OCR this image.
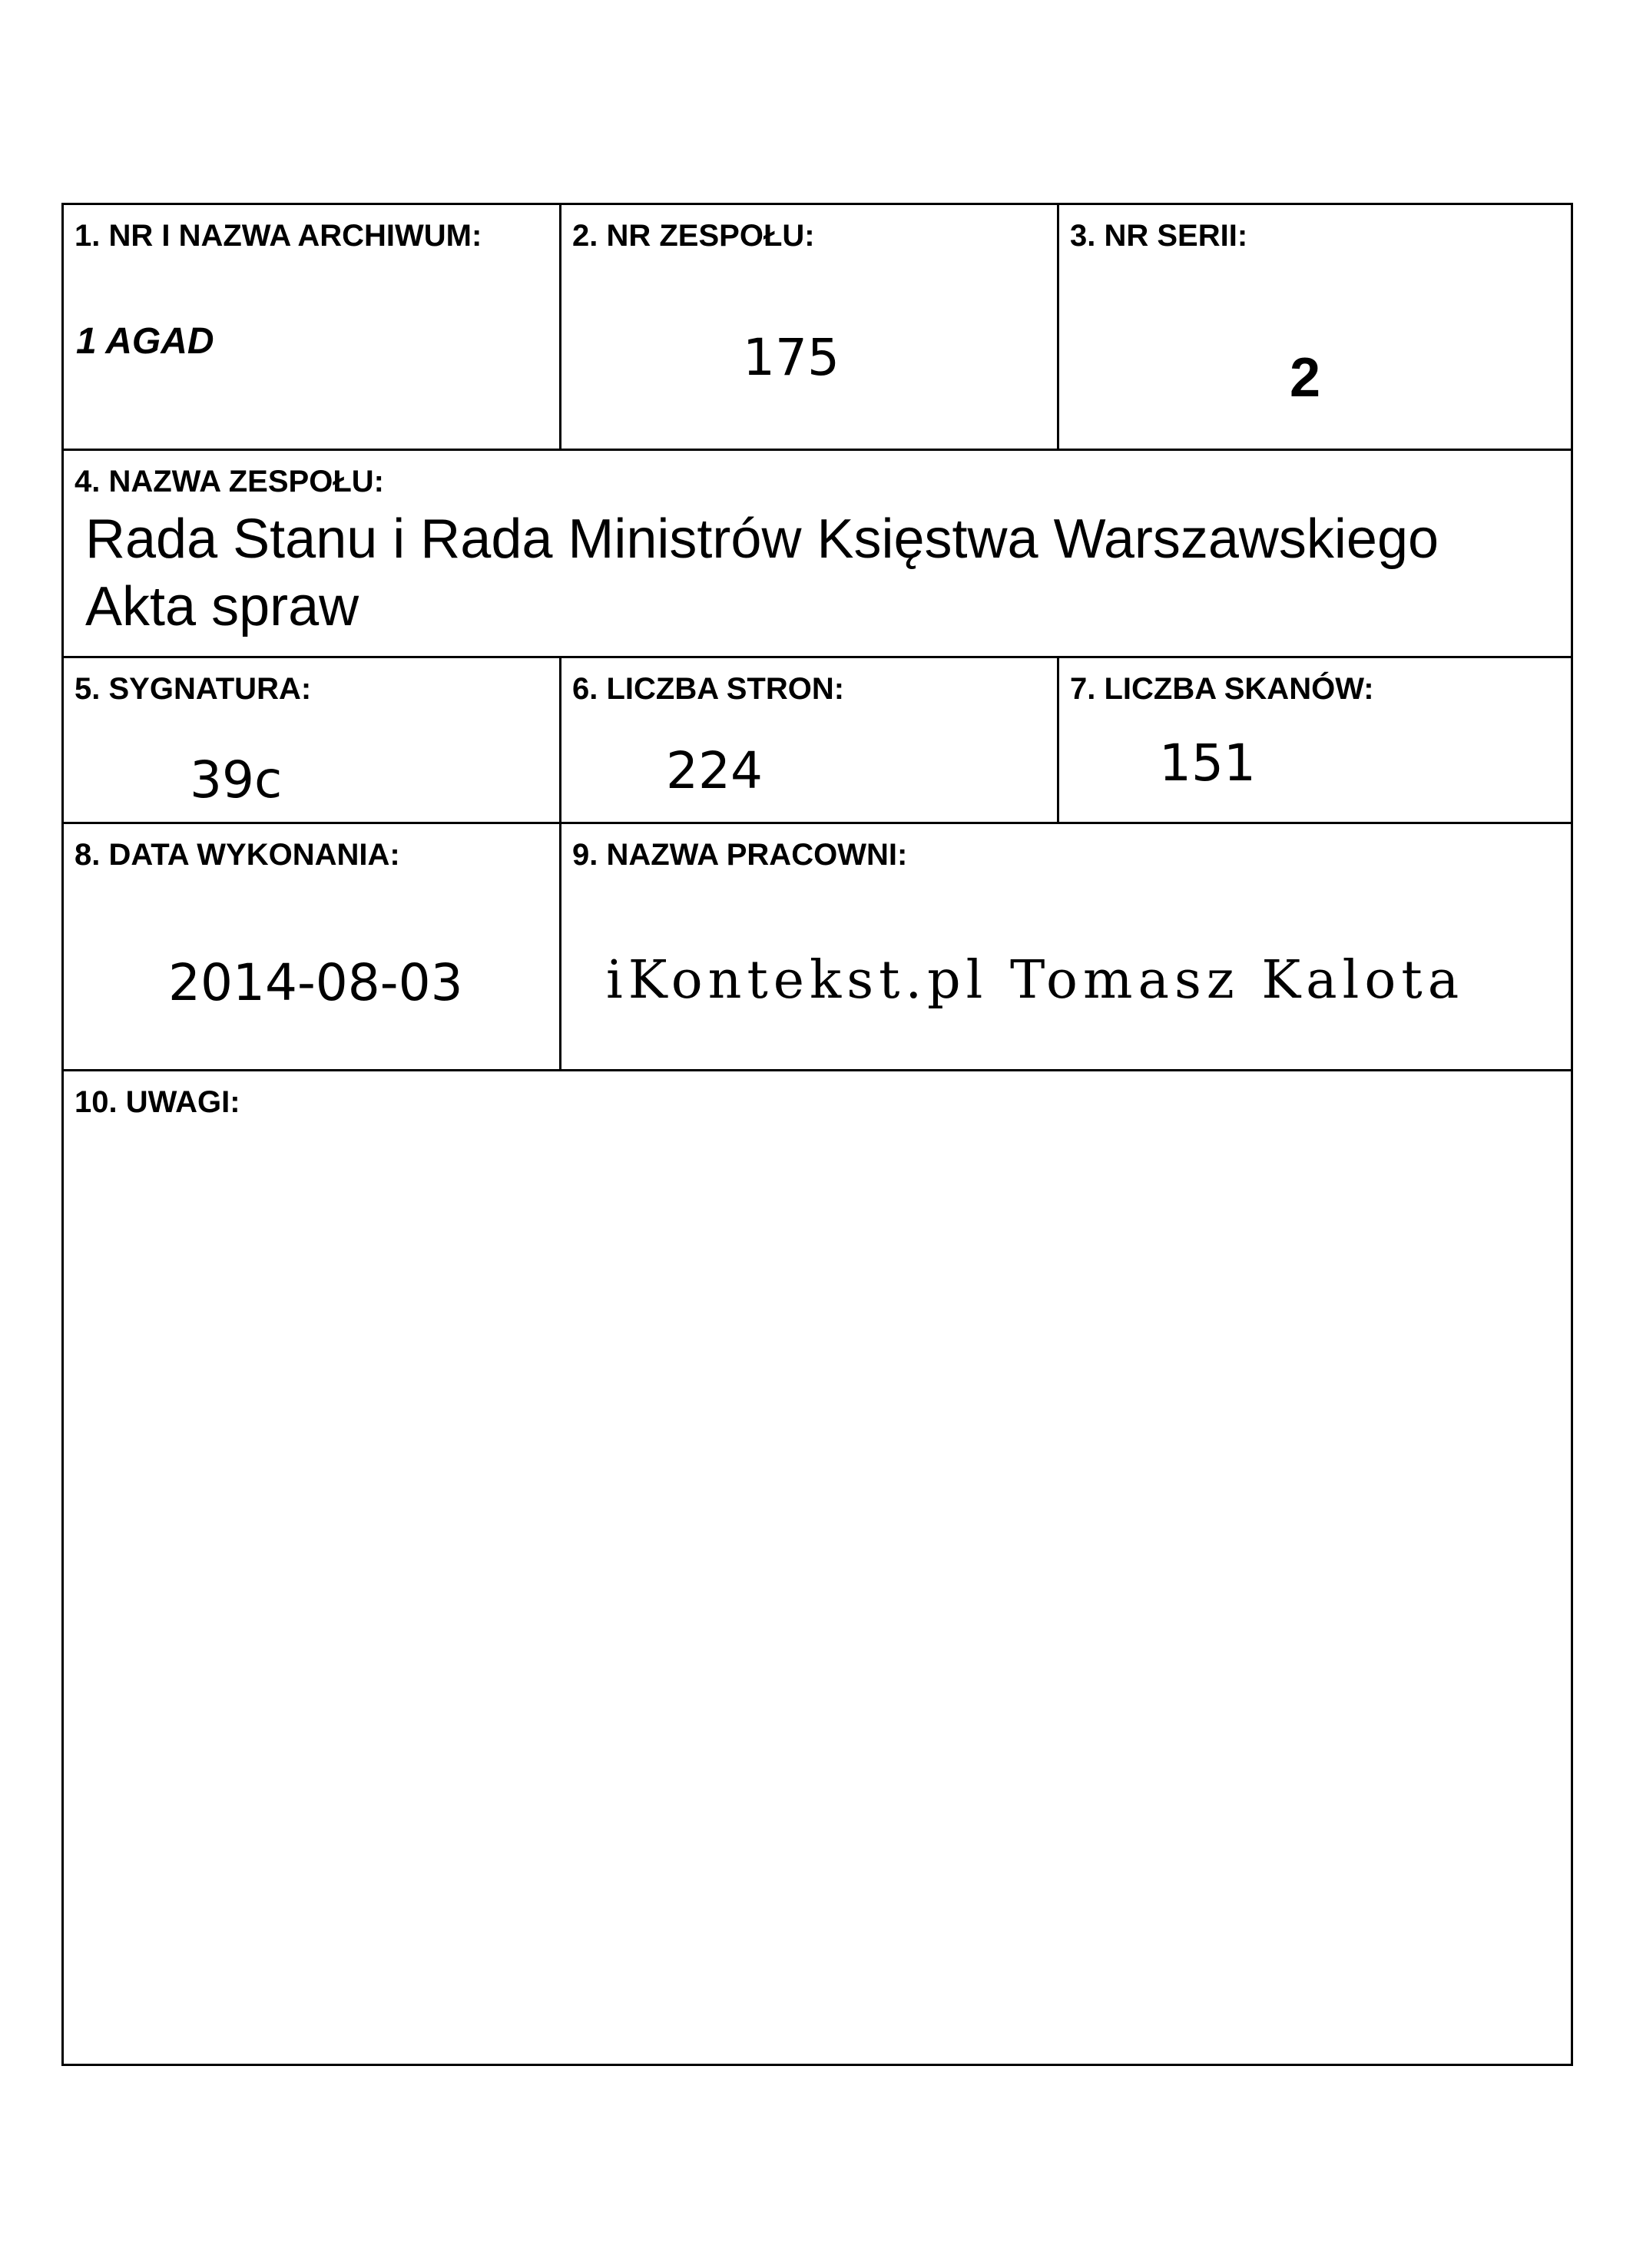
1. NR I NAZWA ARCHIWUM:
1 AGAD
2. NR ZESPOŁU:
175
3. NR SERII:
2
4. NAZWA ZESPOŁU:
Rada Stanu i Rada Ministrów Księstwa Warszawskiego
Akta spraw
5. SYGNATURA:
39c
6. LICZBA STRON:
224
7. LICZBA SKANÓW:
151
8. DATA WYKONANIA:
2014-08-03
9. NAZWA PRACOWNI:
iKontekst.pl Tomasz Kalota
10. UWAGI:
